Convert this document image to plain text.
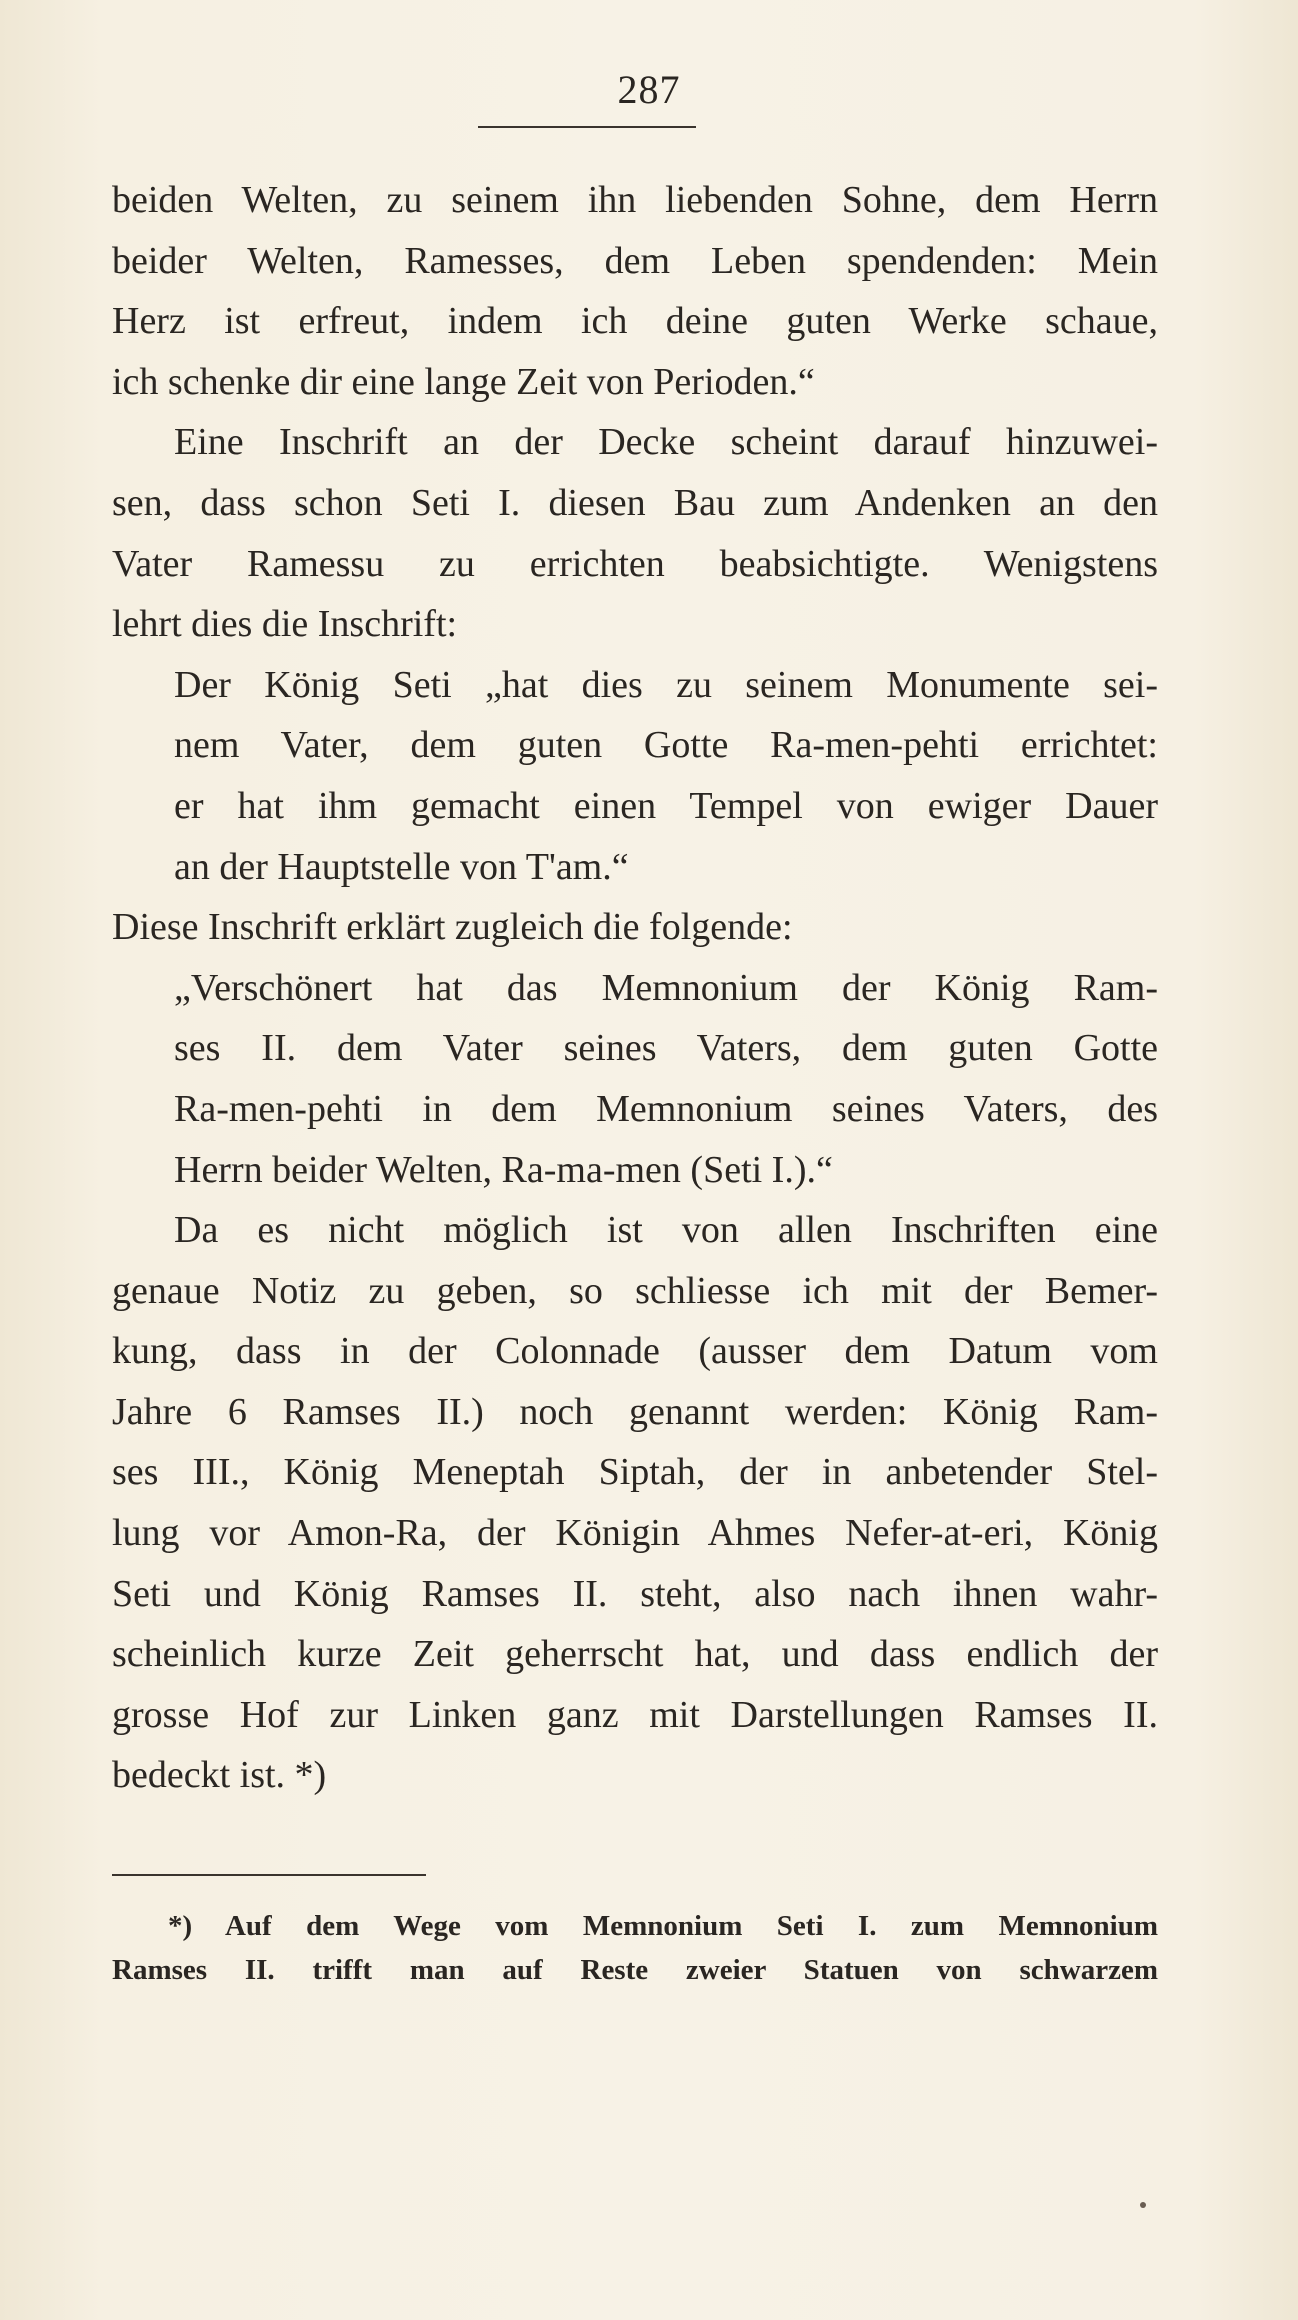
287
beiden Welten, zu seinem ihn liebenden Sohne, dem Herrn
beider Welten, Ramesses, dem Leben spendenden: Mein
Herz ist erfreut, indem ich deine guten Werke schaue,
ich schenke dir eine lange Zeit von Perioden.“
Eine Inschrift an der Decke scheint darauf hinzuwei-
sen, dass schon Seti I. diesen Bau zum Andenken an den
Vater Ramessu zu errichten beabsichtigte. Wenigstens
lehrt dies die Inschrift:
Der König Seti „hat dies zu seinem Monumente sei-
nem Vater, dem guten Gotte Ra-men-pehti errichtet:
er hat ihm gemacht einen Tempel von ewiger Dauer
an der Hauptstelle von T'am.“
Diese Inschrift erklärt zugleich die folgende:
„Verschönert hat das Memnonium der König Ram-
ses II. dem Vater seines Vaters, dem guten Gotte
Ra-men-pehti in dem Memnonium seines Vaters, des
Herrn beider Welten, Ra-ma-men (Seti I.).“
Da es nicht möglich ist von allen Inschriften eine
genaue Notiz zu geben, so schliesse ich mit der Bemer-
kung, dass in der Colonnade (ausser dem Datum vom
Jahre 6 Ramses II.) noch genannt werden: König Ram-
ses III., König Meneptah Siptah, der in anbetender Stel-
lung vor Amon-Ra, der Königin Ahmes Nefer-at-eri, König
Seti und König Ramses II. steht, also nach ihnen wahr-
scheinlich kurze Zeit geherrscht hat, und dass endlich der
grosse Hof zur Linken ganz mit Darstellungen Ramses II.
bedeckt ist. *)
*) Auf dem Wege vom Memnonium Seti I. zum Memnonium
Ramses II. trifft man auf Reste zweier Statuen von schwarzem
